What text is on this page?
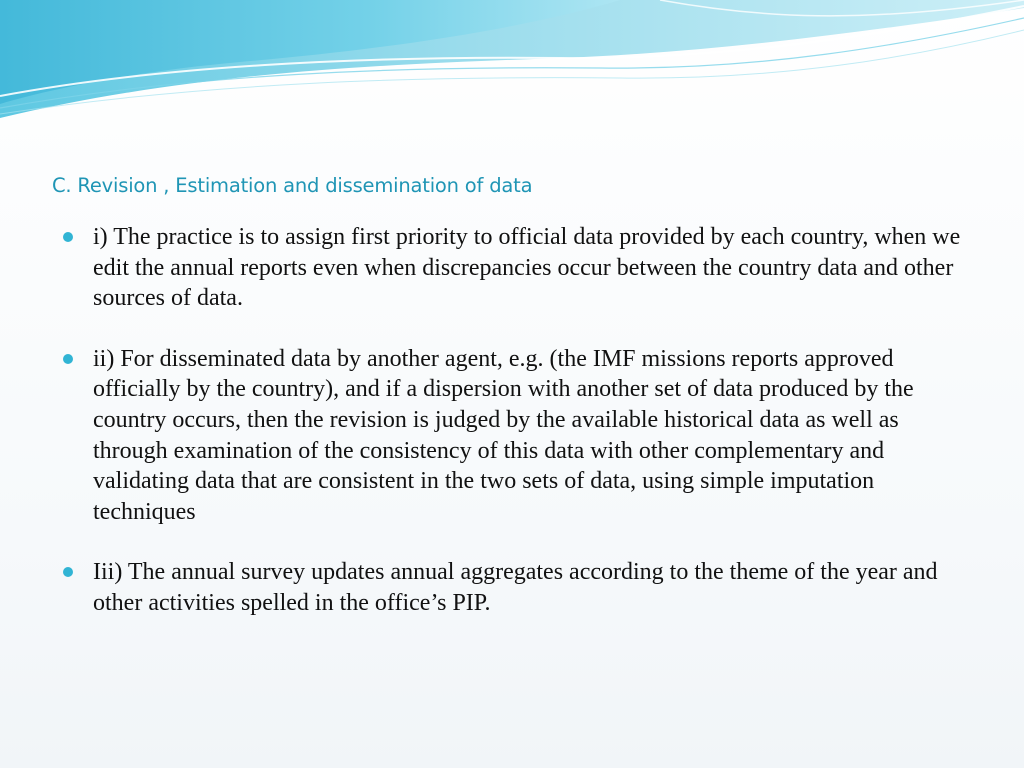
C. Revision , Estimation and dissemination of data
i) The practice is to assign first priority to official data provided by each country, when we edit the annual reports even when discrepancies occur between the country data and other sources of data.
ii) For disseminated data by another agent, e.g. (the IMF missions reports approved officially by the country), and if a dispersion with another set of data produced by the country occurs, then the revision is judged by the available historical data as well as through examination of the consistency of this data with other complementary and validating data that are consistent in the two sets of data, using simple imputation techniques
Iii) The annual survey updates annual aggregates according to the theme of the year and other activities spelled in the office’s PIP.
